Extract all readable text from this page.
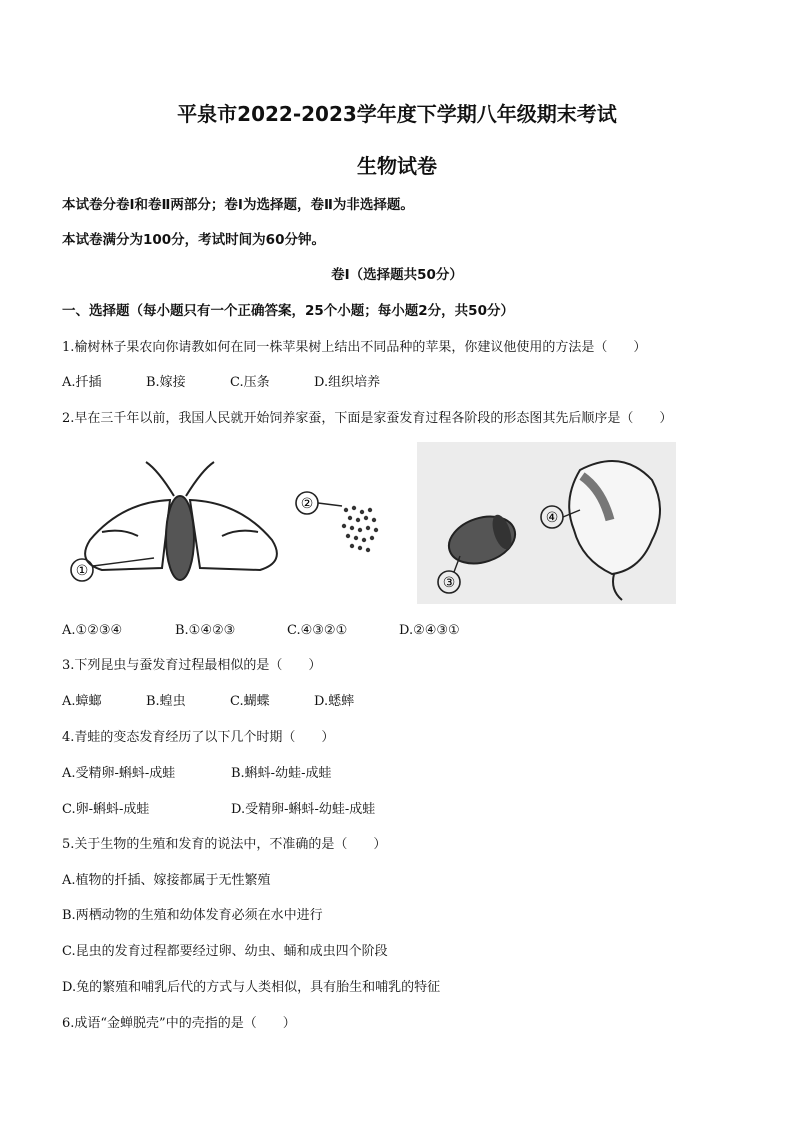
平泉市2022-2023学年度下学期八年级期末考试
生物试卷
本试卷分卷Ⅰ和卷Ⅱ两部分；卷Ⅰ为选择题，卷Ⅱ为非选择题。
本试卷满分为100分，考试时间为60分钟。
卷Ⅰ（选择题共50分）
一、选择题（每小题只有一个正确答案，25个小题；每小题2分，共50分）
1.榆树林子果农向你请教如何在同一株苹果树上结出不同品种的苹果，你建议他使用的方法是（　　）
A.扦插	B.嫁接	C.压条	D.组织培养
2.早在三千年以前，我国人民就开始饲养家蚕，下面是家蚕发育过程各阶段的形态图其先后顺序是（　　）
①
②
③
④
A.①②③④	B.①④②③	C.④③②①	D.②④③①
3.下列昆虫与蚕发育过程最相似的是（　　）
A.蟑螂	B.蝗虫	C.蝴蝶	D.蟋蟀
4.青蛙的变态发育经历了以下几个时期（　　）
A.受精卵-蝌蚪-成蛙	B.蝌蚪-幼蛙-成蛙
C.卵-蝌蚪-成蛙	D.受精卵-蝌蚪-幼蛙-成蛙
5.关于生物的生殖和发育的说法中，不准确的是（　　）
A.植物的扦插、嫁接都属于无性繁殖
B.两栖动物的生殖和幼体发育必须在水中进行
C.昆虫的发育过程都要经过卵、幼虫、蛹和成虫四个阶段
D.兔的繁殖和哺乳后代的方式与人类相似，具有胎生和哺乳的特征
6.成语“金蝉脱壳”中的壳指的是（　　）
